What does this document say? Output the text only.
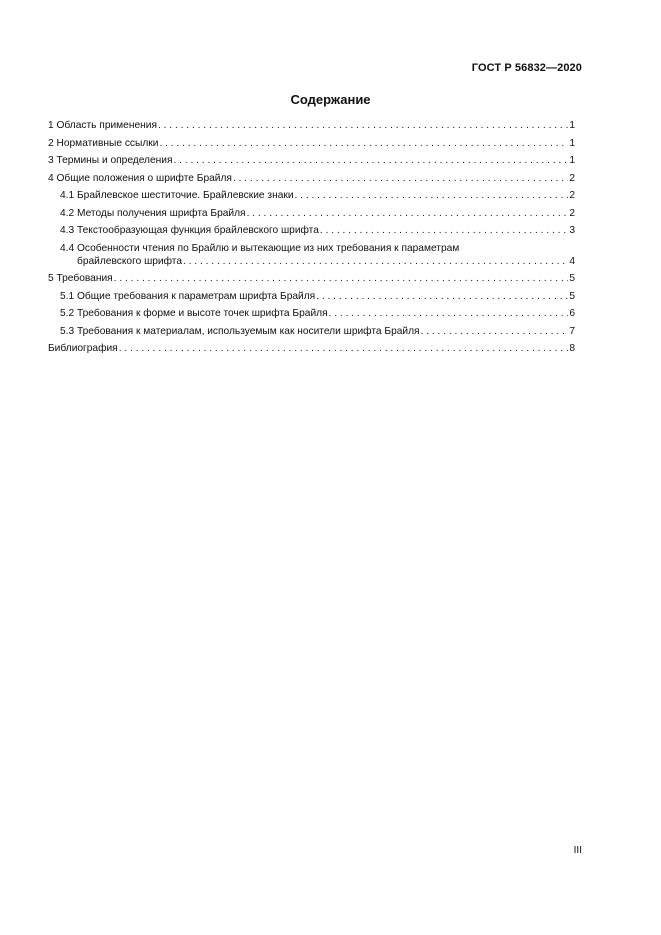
ГОСТ Р 56832—2020
Содержание
1 Область применения . . .	1
2 Нормативные ссылки . . .	1
3 Термины и определения . . .	1
4 Общие положения о шрифте Брайля . . .	2
4.1 Брайлевское шеститочие. Брайлевские знаки . . .	2
4.2 Методы получения шрифта Брайля . . .	2
4.3 Текстообразующая функция брайлевского шрифта . . .	3
4.4 Особенности чтения по Брайлю и вытекающие из них требования к параметрам
брайлевского шрифта . . .	4
5 Требования . . .	5
5.1 Общие требования к параметрам шрифта Брайля . . .	5
5.2 Требования к форме и высоте точек шрифта Брайля . . .	6
5.3 Требования к материалам, используемым как носители шрифта Брайля . . .	7
Библиография . . .	8
III
